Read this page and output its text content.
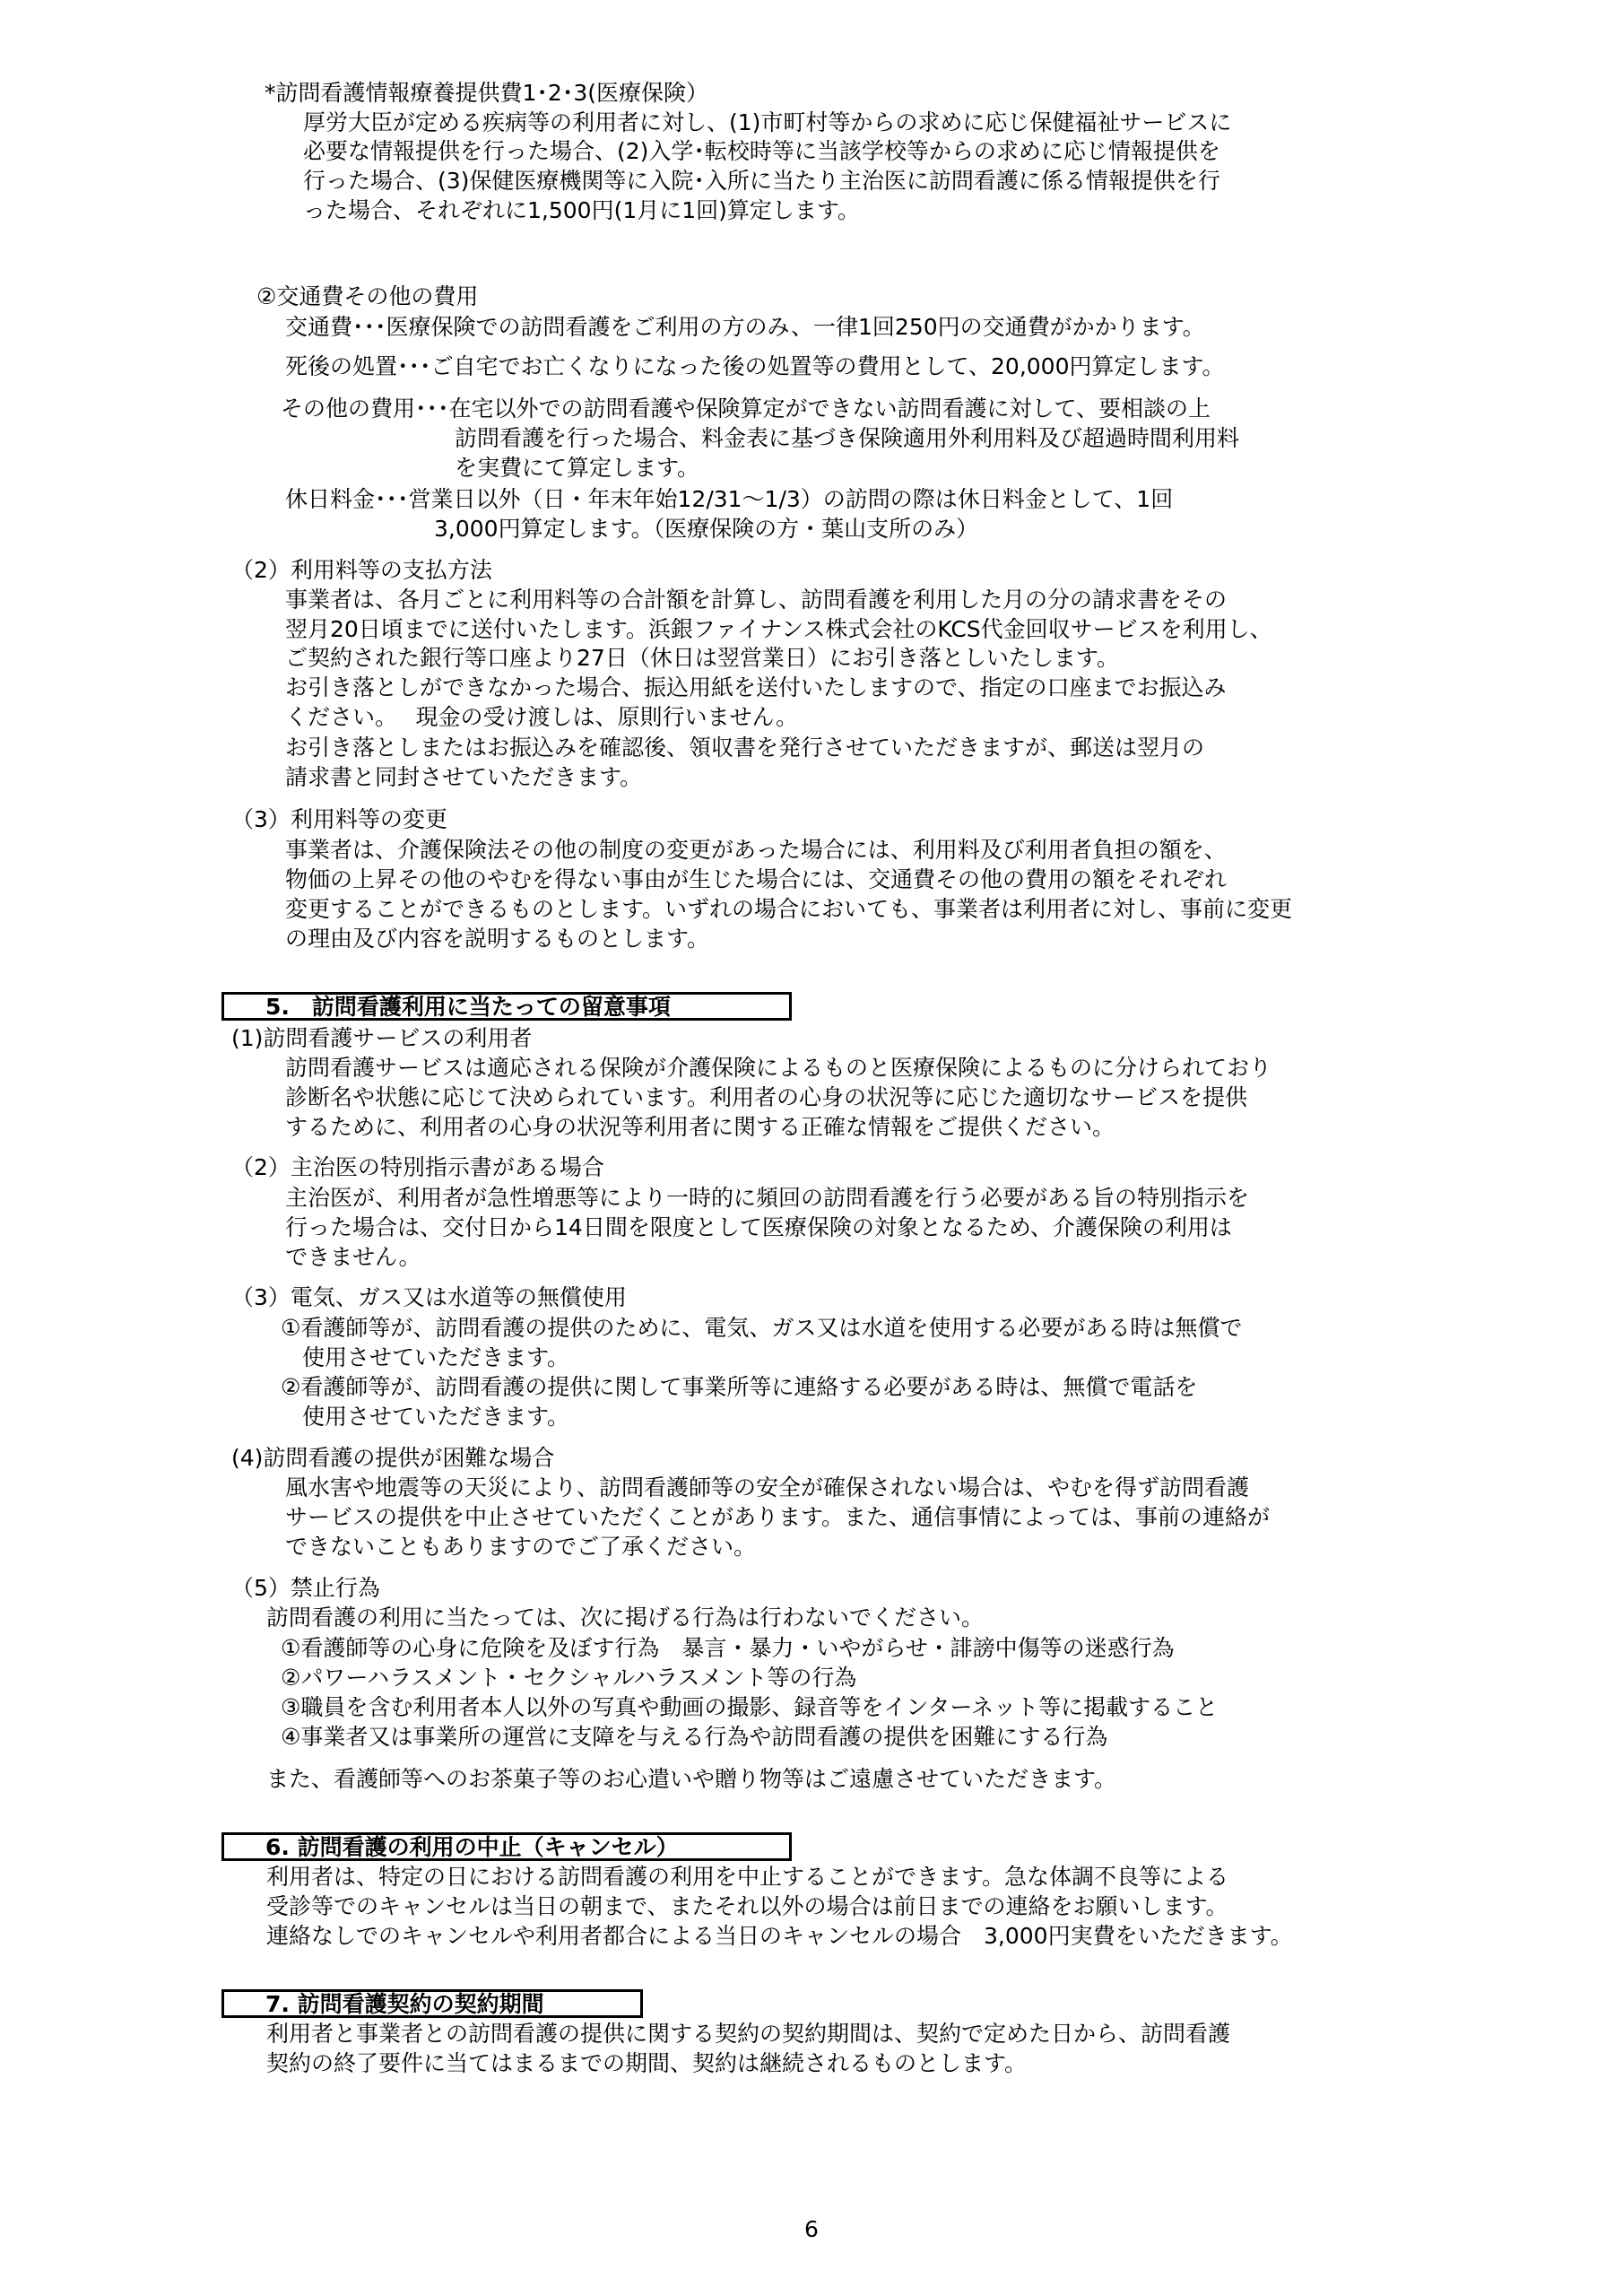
*訪問看護情報療養提供費1･2･3(医療保険）
厚労大臣が定める疾病等の利用者に対し、(1)市町村等からの求めに応じ保健福祉サービスに
必要な情報提供を行った場合、(2)入学･転校時等に当該学校等からの求めに応じ情報提供を
行った場合、(3)保健医療機関等に入院･入所に当たり主治医に訪問看護に係る情報提供を行
った場合、それぞれに1,500円(1月に1回)算定します。
②交通費その他の費用
交通費･･･医療保険での訪問看護をご利用の方のみ、一律1回250円の交通費がかかります。
死後の処置･･･ご自宅でお亡くなりになった後の処置等の費用として、20,000円算定します。
その他の費用･･･在宅以外での訪問看護や保険算定ができない訪問看護に対して、要相談の上
訪問看護を行った場合、料金表に基づき保険適用外利用料及び超過時間利用料
を実費にて算定します。
休日料金･･･営業日以外（日・年末年始12/31～1/3）の訪問の際は休日料金として、1回
3,000円算定します。（医療保険の方・葉山支所のみ）
（2）利用料等の支払方法
事業者は、各月ごとに利用料等の合計額を計算し、訪問看護を利用した月の分の請求書をその
翌月20日頃までに送付いたします。浜銀ファイナンス株式会社のKCS代金回収サービスを利用し、
ご契約された銀行等口座より27日（休日は翌営業日）にお引き落としいたします。
お引き落としができなかった場合、振込用紙を送付いたしますので、指定の口座までお振込み
ください。　 現金の受け渡しは、原則行いません。
お引き落としまたはお振込みを確認後、領収書を発行させていただきますが、郵送は翌月の
請求書と同封させていただきます。
（3）利用料等の変更
事業者は、介護保険法その他の制度の変更があった場合には、利用料及び利用者負担の額を、
物価の上昇その他のやむを得ない事由が生じた場合には、交通費その他の費用の額をそれぞれ
変更することができるものとします。いずれの場合においても、事業者は利用者に対し、事前に変更
の理由及び内容を説明するものとします。
5.　訪問看護利用に当たっての留意事項
(1)訪問看護サービスの利用者
訪問看護サービスは適応される保険が介護保険によるものと医療保険によるものに分けられており
診断名や状態に応じて決められています。利用者の心身の状況等に応じた適切なサービスを提供
するために、利用者の心身の状況等利用者に関する正確な情報をご提供ください。
（2）主治医の特別指示書がある場合
主治医が、利用者が急性増悪等により一時的に頻回の訪問看護を行う必要がある旨の特別指示を
行った場合は、交付日から14日間を限度として医療保険の対象となるため、介護保険の利用は
できません。
（3）電気、ガス又は水道等の無償使用
①看護師等が、訪問看護の提供のために、電気、ガス又は水道を使用する必要がある時は無償で
使用させていただきます。
②看護師等が、訪問看護の提供に関して事業所等に連絡する必要がある時は、無償で電話を
使用させていただきます。
(4)訪問看護の提供が困難な場合
風水害や地震等の天災により、訪問看護師等の安全が確保されない場合は、やむを得ず訪問看護
サービスの提供を中止させていただくことがあります。また、通信事情によっては、事前の連絡が
できないこともありますのでご了承ください。
（5）禁止行為
訪問看護の利用に当たっては、次に掲げる行為は行わないでください。
①看護師等の心身に危険を及ぼす行為　暴言・暴力・いやがらせ・誹謗中傷等の迷惑行為
②パワーハラスメント・セクシャルハラスメント等の行為
③職員を含む利用者本人以外の写真や動画の撮影、録音等をインターネット等に掲載すること
④事業者又は事業所の運営に支障を与える行為や訪問看護の提供を困難にする行為
また、看護師等へのお茶菓子等のお心遣いや贈り物等はご遠慮させていただきます。
6. 訪問看護の利用の中止（キャンセル）
利用者は、特定の日における訪問看護の利用を中止することができます。急な体調不良等による
受診等でのキャンセルは当日の朝まで、またそれ以外の場合は前日までの連絡をお願いします。
連絡なしでのキャンセルや利用者都合による当日のキャンセルの場合　3,000円実費をいただきます。
7. 訪問看護契約の契約期間
利用者と事業者との訪問看護の提供に関する契約の契約期間は、契約で定めた日から、訪問看護
契約の終了要件に当てはまるまでの期間、契約は継続されるものとします。
6
